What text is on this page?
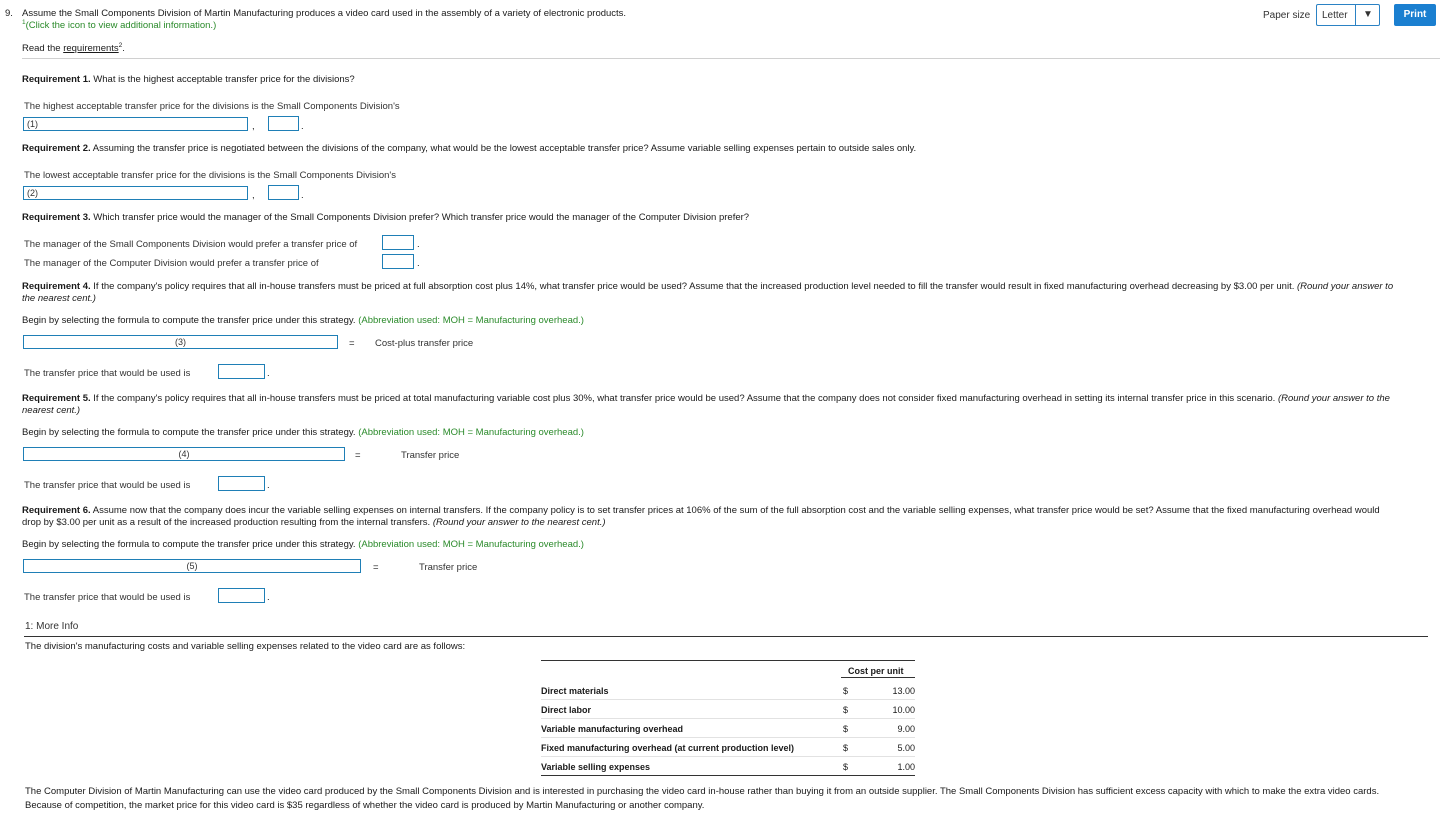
9. Assume the Small Components Division of Martin Manufacturing produces a video card used in the assembly of a variety of electronic products.
$^1$(Click the icon to view additional information.)
Read the requirements$^2$.
Paper size Letter ▼	Print
Requirement 1. What is the highest acceptable transfer price for the divisions?
The highest acceptable transfer price for the divisions is the Small Components Division's
(1)	,	.
Requirement 2. Assuming the transfer price is negotiated between the divisions of the company, what would be the lowest acceptable transfer price? Assume variable selling expenses pertain to outside sales only.
The lowest acceptable transfer price for the divisions is the Small Components Division's
(2)	,	.
Requirement 3. Which transfer price would the manager of the Small Components Division prefer? Which transfer price would the manager of the Computer Division prefer?
The manager of the Small Components Division would prefer a transfer price of	.
The manager of the Computer Division would prefer a transfer price of	.
Requirement 4. If the company's policy requires that all in-house transfers must be priced at full absorption cost plus 14%, what transfer price would be used? Assume that the increased production level needed to fill the transfer would result in fixed manufacturing overhead decreasing by $3.00 per unit. (Round your answer to
the nearest cent.)
Begin by selecting the formula to compute the transfer price under this strategy. (Abbreviation used: MOH = Manufacturing overhead.)
(3)	= Cost-plus transfer price
The transfer price that would be used is	.
Requirement 5. If the company's policy requires that all in-house transfers must be priced at total manufacturing variable cost plus 30%, what transfer price would be used? Assume that the company does not consider fixed manufacturing overhead in setting its internal transfer price in this scenario. (Round your answer to the
nearest cent.)
Begin by selecting the formula to compute the transfer price under this strategy. (Abbreviation used: MOH = Manufacturing overhead.)
(4)	=	Transfer price
The transfer price that would be used is	.
Requirement 6. Assume now that the company does incur the variable selling expenses on internal transfers. If the company policy is to set transfer prices at 106% of the sum of the full absorption cost and the variable selling expenses, what transfer price would be set? Assume that the fixed manufacturing overhead would
drop by $3.00 per unit as a result of the increased production resulting from the internal transfers. (Round your answer to the nearest cent.)
Begin by selecting the formula to compute the transfer price under this strategy. (Abbreviation used: MOH = Manufacturing overhead.)
(5)	=	Transfer price
The transfer price that would be used is	.
1: More Info
The division's manufacturing costs and variable selling expenses related to the video card are as follows:
Cost per unit
Direct materials	$	13.00
Direct labor	$	10.00
Variable manufacturing overhead	$	9.00
Fixed manufacturing overhead (at current production level)	$	5.00
Variable selling expenses	$	1.00
The Computer Division of Martin Manufacturing can use the video card produced by the Small Components Division and is interested in purchasing the video card in-house rather than buying it from an outside supplier. The Small Components Division has sufficient excess capacity with which to make the extra video cards.
Because of competition, the market price for this video card is $35 regardless of whether the video card is produced by Martin Manufacturing or another company.
